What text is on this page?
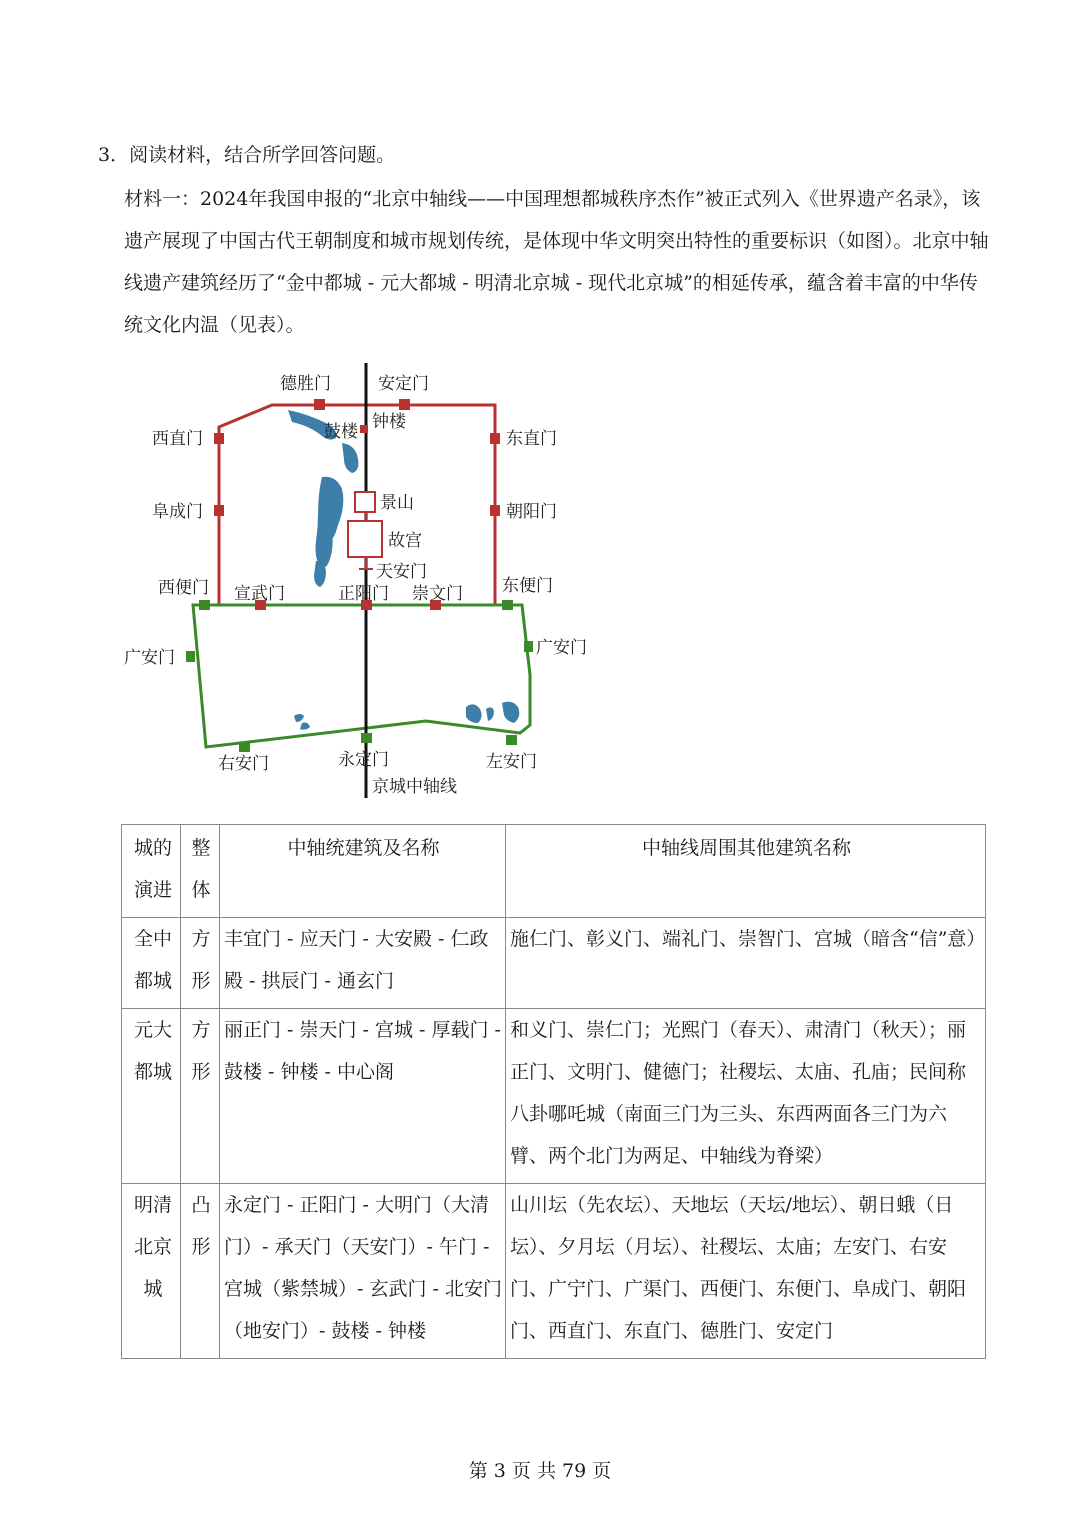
3．阅读材料，结合所学回答问题。
材料一：2024年我国申报的“北京中轴线——中国理想都城秩序杰作”被正式列入《世界遗产名录》，该遗产展现了中国古代王朝制度和城市规划传统，是体现中华文明突出特性的重要标识（如图）。北京中轴线遗产建筑经历了“金中都城 - 元大都城 - 明清北京城 - 现代北京城”的相延传承，蕴含着丰富的中华传统文化内温（见表）。
德胜门	安定门
西直门	东直门
阜成门	朝阳门
西便门 宣武门	正阳门 崇文门 东便门
广安门	广安门
右安门	永定门	左安门
鼓楼 钟楼
景山
故宫
天安门
京城中轴线
城的演进	整体	中轴统建筑及名称	中轴线周围其他建筑名称
全中都城	方形	丰宜门 - 应天门 - 大安殿 - 仁政殿 - 拱辰门 - 通玄门	施仁门、彰义门、端礼门、崇智门、宫城（暗含“信”意）
元大都城	方形	丽正门 - 崇天门 - 宫城 - 厚载门 - 鼓楼 - 钟楼 - 中心阁	和义门、崇仁门；光熙门（春天）、肃清门（秋天）；丽正门、文明门、健德门；社稷坛、太庙、孔庙；民间称八卦哪吒城（南面三门为三头、东西两面各三门为六臂、两个北门为两足、中轴线为脊梁）
明清北京城	凸形	永定门 - 正阳门 - 大明门（大清门）- 承天门（天安门）- 午门 - 宫城（紫禁城）- 玄武门 - 北安门（地安门）- 鼓楼 - 钟楼	山川坛（先农坛）、天地坛（天坛/地坛）、朝日蛾（日坛）、夕月坛（月坛）、社稷坛、太庙；左安门、右安门、广宁门、广渠门、西便门、东便门、阜成门、朝阳门、西直门、东直门、德胜门、安定门
第 3 页 共 79 页
